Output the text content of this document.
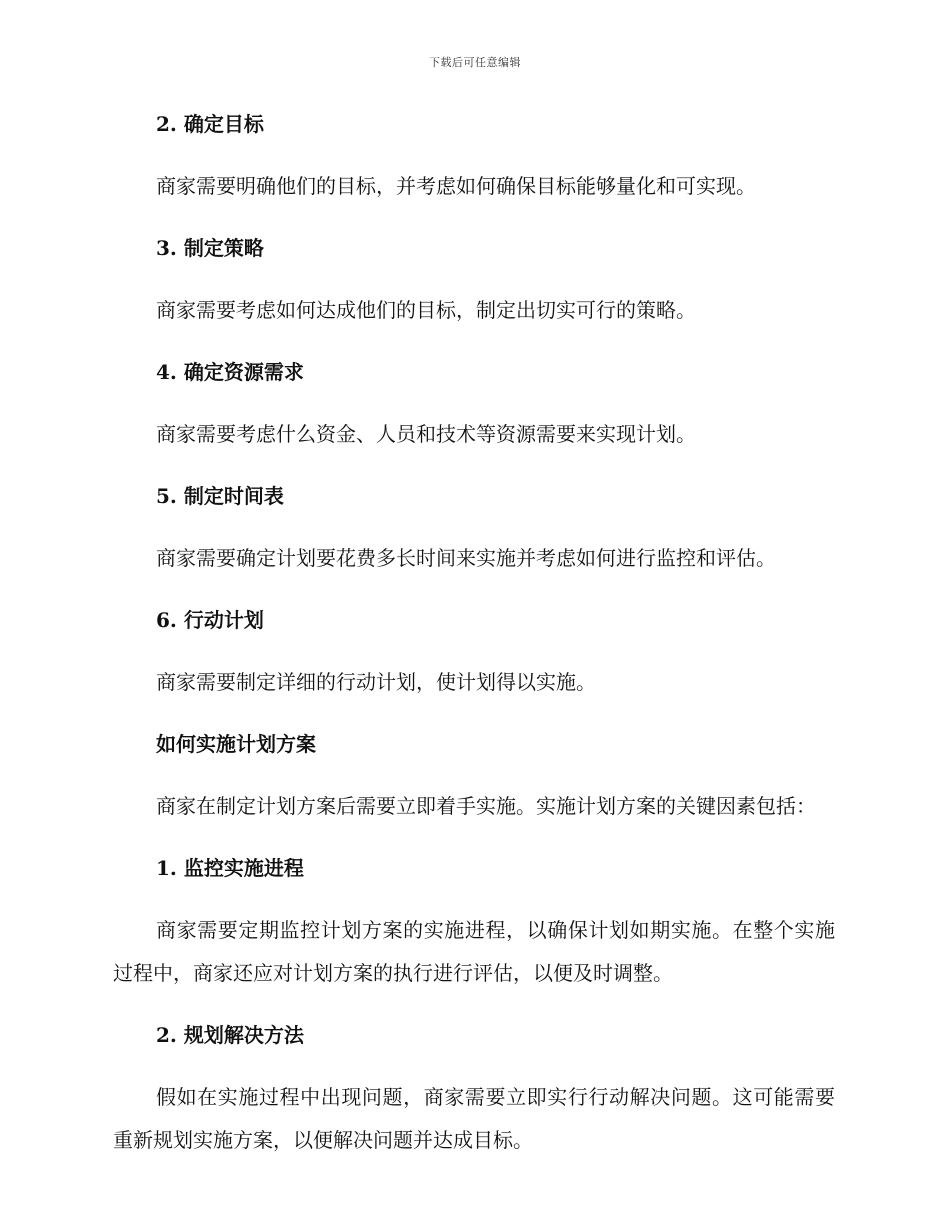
下载后可任意编辑

2. 确定目标

商家需要明确他们的目标，并考虑如何确保目标能够量化和可实现。

3. 制定策略

商家需要考虑如何达成他们的目标，制定出切实可行的策略。

4. 确定资源需求

商家需要考虑什么资金、人员和技术等资源需要来实现计划。

5. 制定时间表

商家需要确定计划要花费多长时间来实施并考虑如何进行监控和评估。

6. 行动计划

商家需要制定详细的行动计划，使计划得以实施。

如何实施计划方案

商家在制定计划方案后需要立即着手实施。实施计划方案的关键因素包括：

1. 监控实施进程

商家需要定期监控计划方案的实施进程，以确保计划如期实施。在整个实施过程中，商家还应对计划方案的执行进行评估，以便及时调整。

2. 规划解决方法

假如在实施过程中出现问题，商家需要立即实行行动解决问题。这可能需要重新规划实施方案，以便解决问题并达成目标。
